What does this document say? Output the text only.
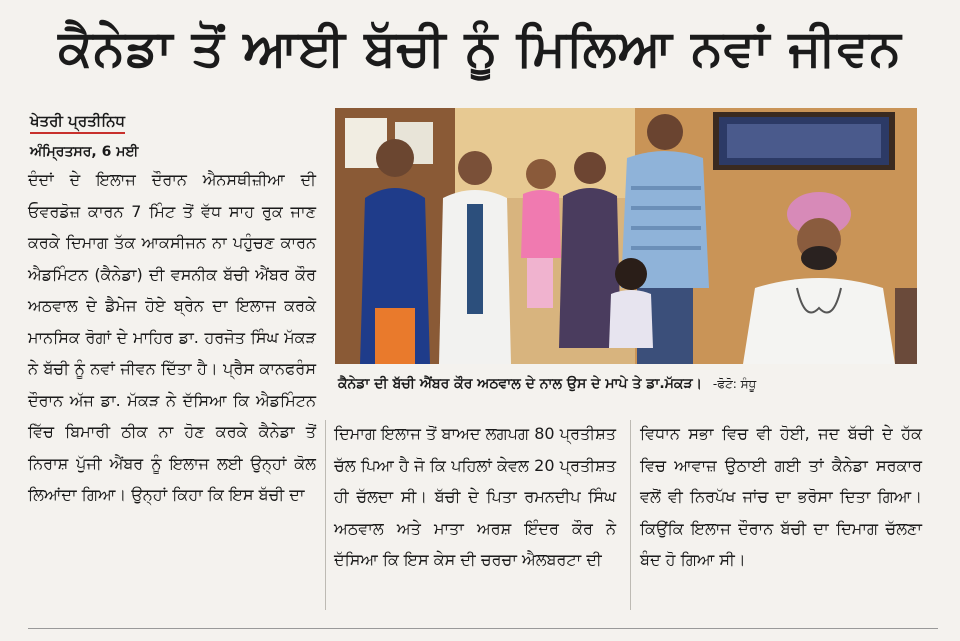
ਕੈਨੇਡਾ ਤੋਂ ਆਈ ਬੱਚੀ ਨੂੰ ਮਿਲਿਆ ਨਵਾਂ ਜੀਵਨ
ਖੇਤਰੀ ਪ੍ਰਤੀਨਿਧ
ਅੰਮ੍ਰਿਤਸਰ, 6 ਮਈ

ਦੰਦਾਂ ਦੇ ਇਲਾਜ ਦੌਰਾਨ ਐਨਸਥੀਜ਼ੀਆ ਦੀ ਓਵਰਡੋਜ਼ ਕਾਰਨ 7 ਮਿੰਟ ਤੋਂ ਵੱਧ ਸਾਹ ਰੁਕ ਜਾਣ ਕਰਕੇ ਦਿਮਾਗ ਤੱਕ ਆਕਸੀਜਨ ਨਾ ਪਹੁੰਚਣ ਕਾਰਨ ਐਡਮਿੰਟਨ (ਕੈਨੇਡਾ) ਦੀ ਵਸਨੀਕ ਬੱਚੀ ਐਂਬਰ ਕੌਰ ਅਠਵਾਲ ਦੇ ਡੈਮੇਜ ਹੋਏ ਬ੍ਰੇਨ ਦਾ ਇਲਾਜ ਕਰਕੇ ਮਾਨਸਿਕ ਰੋਗਾਂ ਦੇ ਮਾਹਿਰ ਡਾ. ਹਰਜੋਤ ਸਿੰਘ ਮੱਕੜ ਨੇ ਬੱਚੀ ਨੂੰ ਨਵਾਂ ਜੀਵਨ ਦਿੱਤਾ ਹੈ। ਪ੍ਰੈਸ ਕਾਨਫਰੰਸ ਦੌਰਾਨ ਅੱਜ ਡਾ. ਮੱਕੜ ਨੇ ਦੱਸਿਆ ਕਿ ਐਡਮਿੰਟਨ ਵਿੱਚ ਬਿਮਾਰੀ ਠੀਕ ਨਾ ਹੋਣ ਕਰਕੇ ਕੈਨੇਡਾ ਤੋਂ ਨਿਰਾਸ਼ ਪੁੱਜੀ ਐਂਬਰ ਨੂੰ ਇਲਾਜ ਲਈ ਉਨ੍ਹਾਂ ਕੋਲ ਲਿਆਂਦਾ ਗਿਆ। ਉਨ੍ਹਾਂ ਕਿਹਾ ਕਿ ਇਸ ਬੱਚੀ ਦਾ

ਕੈਨੇਡਾ ਦੀ ਬੱਚੀ ਐਂਬਰ ਕੌਰ ਅਠਵਾਲ ਦੇ ਨਾਲ ਉਸ ਦੇ ਮਾਪੇ ਤੇ ਡਾ.ਮੱਕੜ। -ਫੋਟੋ: ਸੰਧੂ

ਦਿਮਾਗ ਇਲਾਜ ਤੋਂ ਬਾਅਦ ਲਗਪਗ 80 ਪ੍ਰਤੀਸ਼ਤ ਚੱਲ ਪਿਆ ਹੈ ਜੋ ਕਿ ਪਹਿਲਾਂ ਕੇਵਲ 20 ਪ੍ਰਤੀਸ਼ਤ ਹੀ ਚੱਲਦਾ ਸੀ। ਬੱਚੀ ਦੇ ਪਿਤਾ ਰਮਨਦੀਪ ਸਿੰਘ ਅਠਵਾਲ ਅਤੇ ਮਾਤਾ ਅਰਸ਼ ਇੰਦਰ ਕੌਰ ਨੇ ਦੱਸਿਆ ਕਿ ਇਸ ਕੇਸ ਦੀ ਚਰਚਾ ਐਲਬਰਟਾ ਦੀ

ਵਿਧਾਨ ਸਭਾ ਵਿਚ ਵੀ ਹੋਈ, ਜਦ ਬੱਚੀ ਦੇ ਹੱਕ ਵਿਚ ਆਵਾਜ਼ ਉਠਾਈ ਗਈ ਤਾਂ ਕੈਨੇਡਾ ਸਰਕਾਰ ਵਲੋਂ ਵੀ ਨਿਰਪੱਖ ਜਾਂਚ ਦਾ ਭਰੋਸਾ ਦਿਤਾ ਗਿਆ। ਕਿਉਂਕਿ ਇਲਾਜ ਦੌਰਾਨ ਬੱਚੀ ਦਾ ਦਿਮਾਗ ਚੱਲਣਾ ਬੰਦ ਹੋ ਗਿਆ ਸੀ।
